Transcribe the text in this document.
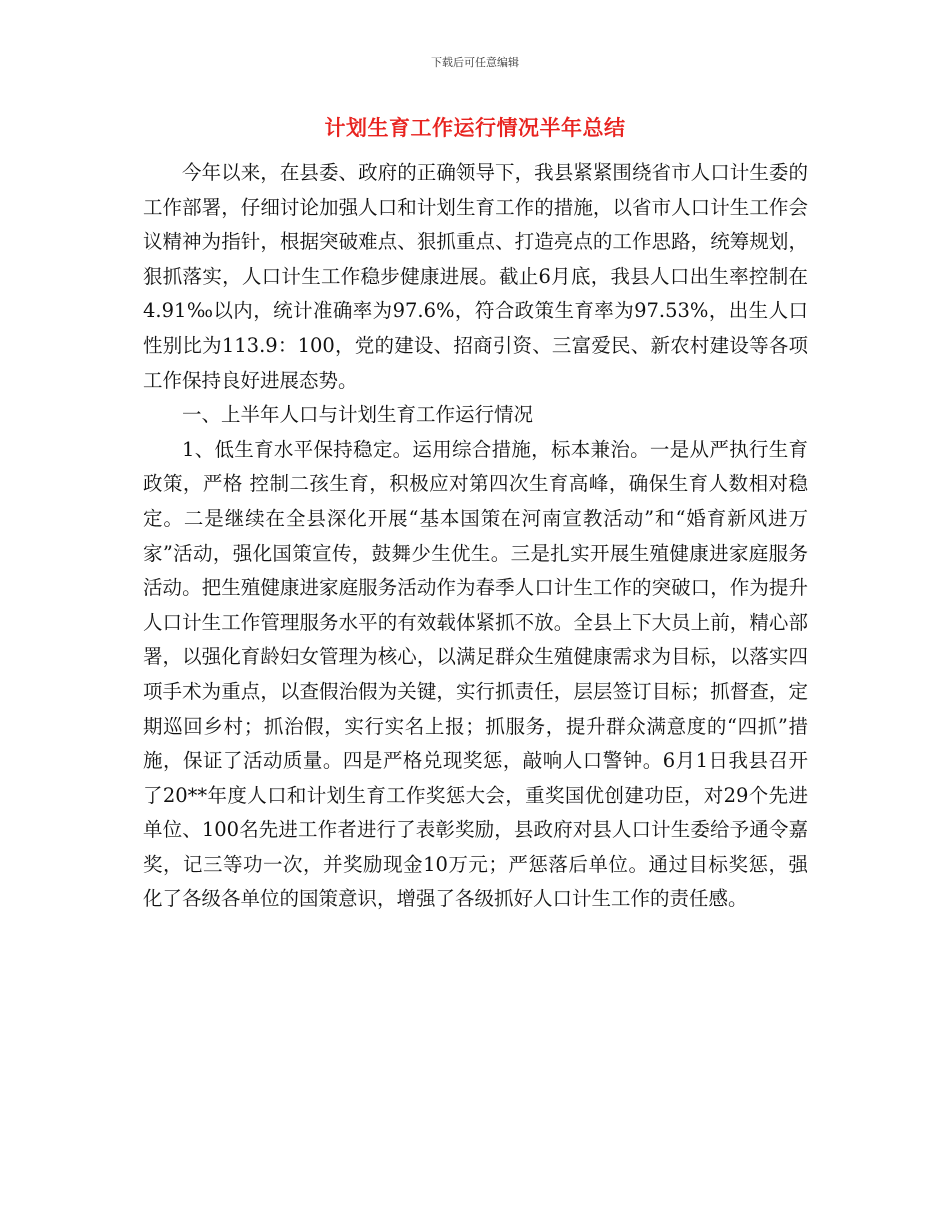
下载后可任意编辑
计划生育工作运行情况半年总结

今年以来，在县委、政府的正确领导下，我县紧紧围绕省市人口计生委的工作部署，仔细讨论加强人口和计划生育工作的措施，以省市人口计生工作会议精神为指针，根据突破难点、狠抓重点、打造亮点的工作思路，统筹规划，狠抓落实，人口计生工作稳步健康进展。截止6月底，我县人口出生率控制在4.91‰以内，统计准确率为97.6%，符合政策生育率为97.53%，出生人口性别比为113.9：100，党的建设、招商引资、三富爱民、新农村建设等各项工作保持良好进展态势。

一、上半年人口与计划生育工作运行情况

1、低生育水平保持稳定。运用综合措施，标本兼治。一是从严执行生育政策，严格 控制二孩生育，积极应对第四次生育高峰，确保生育人数相对稳定。二是继续在全县深化开展“基本国策在河南宣教活动”和“婚育新风进万家”活动，强化国策宣传，鼓舞少生优生。三是扎实开展生殖健康进家庭服务活动。把生殖健康进家庭服务活动作为春季人口计生工作的突破口，作为提升人口计生工作管理服务水平的有效载体紧抓不放。全县上下大员上前，精心部署，以强化育龄妇女管理为核心，以满足群众生殖健康需求为目标，以落实四项手术为重点，以查假治假为关键，实行抓责任，层层签订目标；抓督查，定期巡回乡村；抓治假，实行实名上报；抓服务，提升群众满意度的“四抓”措施，保证了活动质量。四是严格兑现奖惩，敲响人口警钟。6月1日我县召开了20**年度人口和计划生育工作奖惩大会，重奖国优创建功臣，对29个先进单位、100名先进工作者进行了表彰奖励，县政府对县人口计生委给予通令嘉奖，记三等功一次，并奖励现金10万元；严惩落后单位。通过目标奖惩，强化了各级各单位的国策意识，增强了各级抓好人口计生工作的责任感。
